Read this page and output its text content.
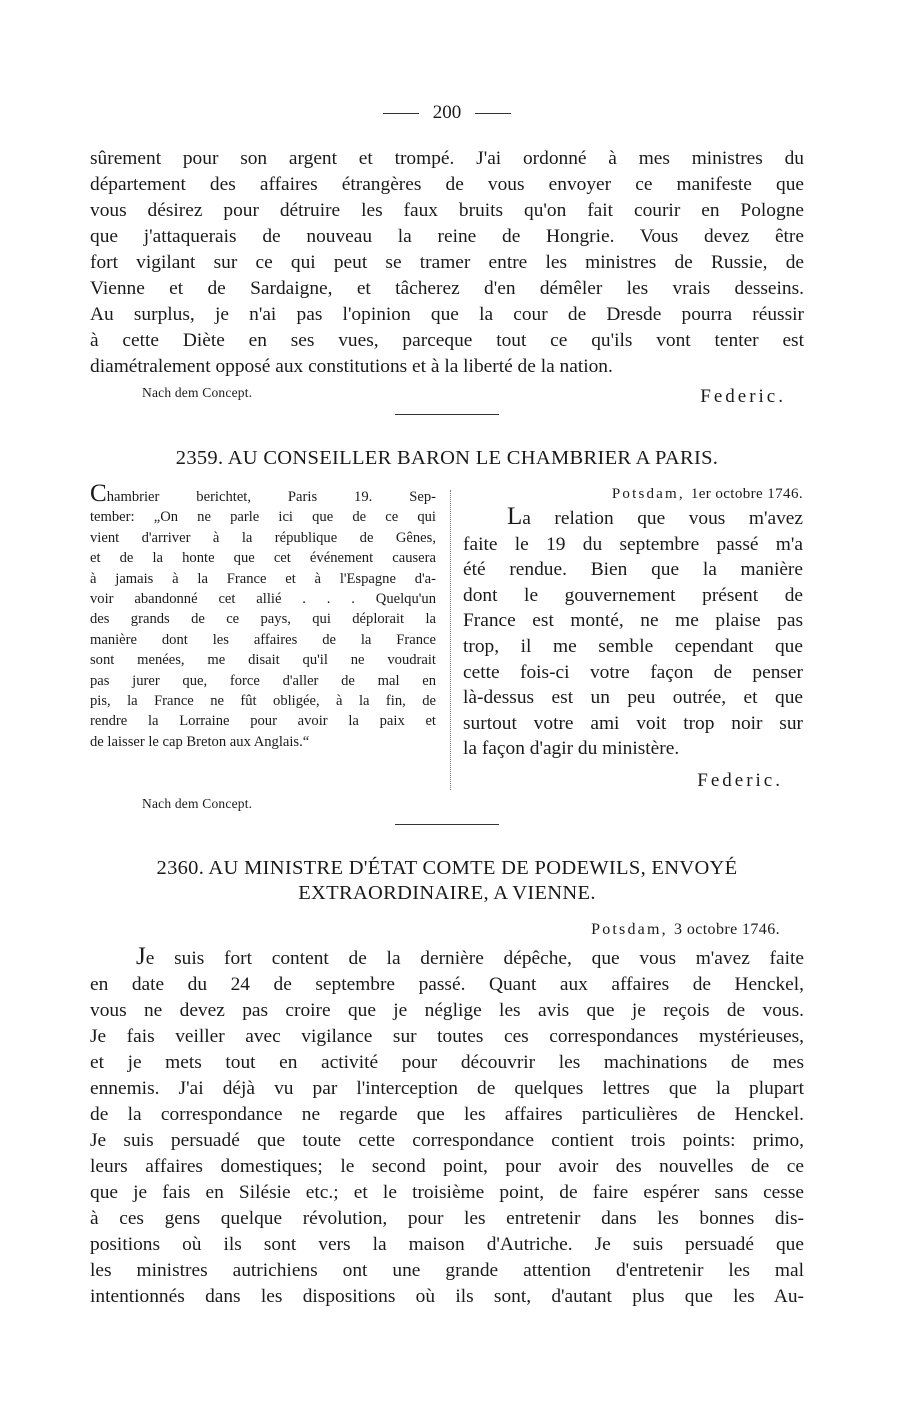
200

sûrement pour son argent et trompé. J'ai ordonné à mes ministres du
département des affaires étrangères de vous envoyer ce manifeste que
vous désirez pour détruire les faux bruits qu'on fait courir en Pologne
que j'attaquerais de nouveau la reine de Hongrie. Vous devez être
fort vigilant sur ce qui peut se tramer entre les ministres de Russie, de
Vienne et de Sardaigne, et tâcherez d'en démêler les vrais desseins.
Au surplus, je n'ai pas l'opinion que la cour de Dresde pourra réussir
à cette Diète en ses vues, parceque tout ce qu'ils vont tenter est
diamétralement opposé aux constitutions et à la liberté de la nation.

Nach dem Concept.	Federic.
2359. AU CONSEILLER BARON LE CHAMBRIER A PARIS.
Chambrier berichtet, Paris 19. Sep-
tember: „On ne parle ici que de ce qui
vient d'arriver à la république de Gênes,
et de la honte que cet événement causera
à jamais à la France et à l'Espagne d'a-
voir abandonné cet allié . . . Quelqu'un
des grands de ce pays, qui déplorait la
manière dont les affaires de la France
sont menées, me disait qu'il ne voudrait
pas jurer que, force d'aller de mal en
pis, la France ne fût obligée, à la fin, de
rendre la Lorraine pour avoir la paix et
de laisser le cap Breton aux Anglais.“
Potsdam, 1er octobre 1746.
La relation que vous m'avez
faite le 19 du septembre passé m'a
été rendue. Bien que la manière
dont le gouvernement présent de
France est monté, ne me plaise pas
trop, il me semble cependant que
cette fois-ci votre façon de penser
là-dessus est un peu outrée, et que
surtout votre ami voit trop noir sur
la façon d'agir du ministère.
Federic.
Nach dem Concept.
2360. AU MINISTRE D'ÉTAT COMTE DE PODEWILS, ENVOYÉ
EXTRAORDINAIRE, A VIENNE.
Potsdam, 3 octobre 1746.

Je suis fort content de la dernière dépêche, que vous m'avez faite
en date du 24 de septembre passé. Quant aux affaires de Henckel,
vous ne devez pas croire que je néglige les avis que je reçois de vous.
Je fais veiller avec vigilance sur toutes ces correspondances mystérieuses,
et je mets tout en activité pour découvrir les machinations de mes
ennemis. J'ai déjà vu par l'interception de quelques lettres que la plupart
de la correspondance ne regarde que les affaires particulières de Henckel.
Je suis persuadé que toute cette correspondance contient trois points: primo,
leurs affaires domestiques; le second point, pour avoir des nouvelles de ce
que je fais en Silésie etc.; et le troisième point, de faire espérer sans cesse
à ces gens quelque révolution, pour les entretenir dans les bonnes dis-
positions où ils sont vers la maison d'Autriche. Je suis persuadé que
les ministres autrichiens ont une grande attention d'entretenir les mal
intentionnés dans les dispositions où ils sont, d'autant plus que les Au-
